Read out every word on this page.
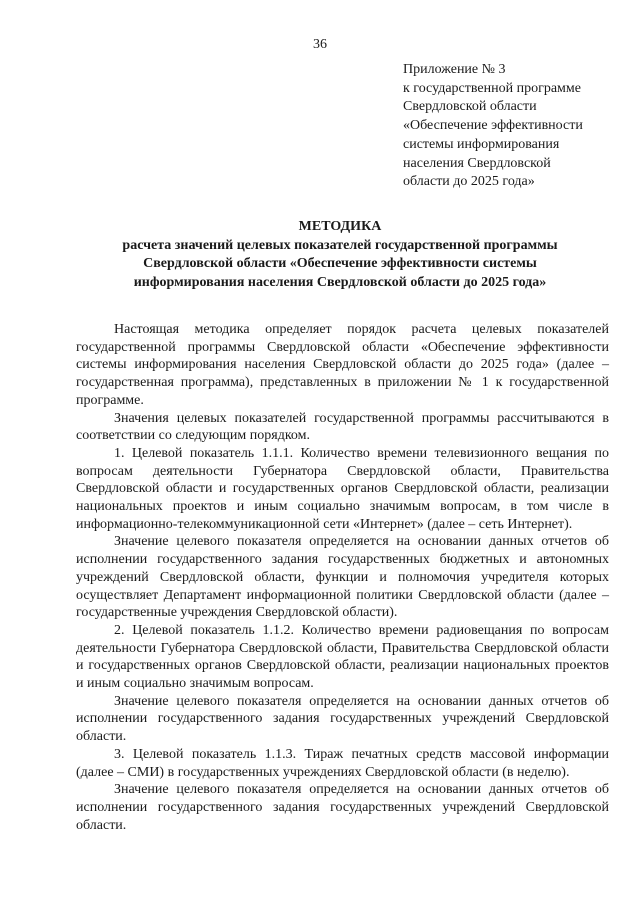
36
Приложение № 3
к государственной программе
Свердловской области
«Обеспечение эффективности
системы информирования
населения Свердловской
области до 2025 года»
МЕТОДИКА
расчета значений целевых показателей государственной программы
Свердловской области «Обеспечение эффективности системы
информирования населения Свердловской области до 2025 года»

Настоящая методика определяет порядок расчета целевых показателей государственной программы Свердловской области «Обеспечение эффективности системы информирования населения Свердловской области до 2025 года» (далее – государственная программа), представленных в приложении № 1 к государственной программе.

Значения целевых показателей государственной программы рассчитываются в соответствии со следующим порядком.

1. Целевой показатель 1.1.1. Количество времени телевизионного вещания по вопросам деятельности Губернатора Свердловской области, Правительства Свердловской области и государственных органов Свердловской области, реализации национальных проектов и иным социально значимым вопросам, в том числе в информационно-телекоммуникационной сети «Интернет» (далее – сеть Интернет).

Значение целевого показателя определяется на основании данных отчетов об исполнении государственного задания государственных бюджетных и автономных учреждений Свердловской области, функции и полномочия учредителя которых осуществляет Департамент информационной политики Свердловской области (далее – государственные учреждения Свердловской области).

2. Целевой показатель 1.1.2. Количество времени радиовещания по вопросам деятельности Губернатора Свердловской области, Правительства Свердловской области и государственных органов Свердловской области, реализации национальных проектов и иным социально значимым вопросам.

Значение целевого показателя определяется на основании данных отчетов об исполнении государственного задания государственных учреждений Свердловской области.

3. Целевой показатель 1.1.3. Тираж печатных средств массовой информации (далее – СМИ) в государственных учреждениях Свердловской области (в неделю).

Значение целевого показателя определяется на основании данных отчетов об исполнении государственного задания государственных учреждений Свердловской области.
